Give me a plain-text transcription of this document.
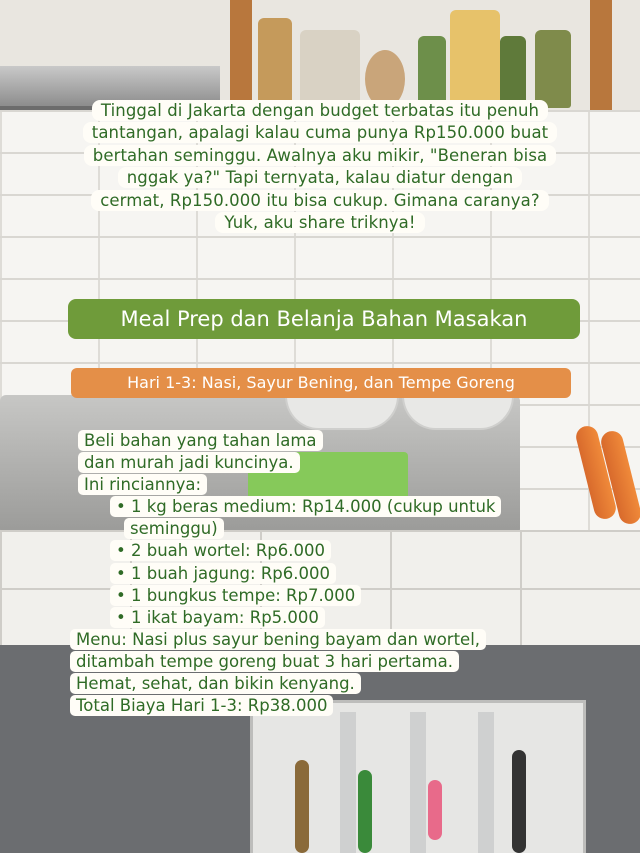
Tinggal di Jakarta dengan budget terbatas itu penuh
tantangan, apalagi kalau cuma punya Rp150.000 buat
bertahan seminggu. Awalnya aku mikir, "Beneran bisa
nggak ya?" Tapi ternyata, kalau diatur dengan
cermat, Rp150.000 itu bisa cukup. Gimana caranya?
Yuk, aku share triknya!
Meal Prep dan Belanja Bahan Masakan
Hari 1-3: Nasi, Sayur Bening, dan Tempe Goreng
Beli bahan yang tahan lama
dan murah jadi kuncinya.
Ini rinciannya:
• 1 kg beras medium: Rp14.000 (cukup untuk
seminggu)
• 2 buah wortel: Rp6.000
• 1 buah jagung: Rp6.000
• 1 bungkus tempe: Rp7.000
• 1 ikat bayam: Rp5.000
Menu: Nasi plus sayur bening bayam dan wortel,
ditambah tempe goreng buat 3 hari pertama.
Hemat, sehat, dan bikin kenyang.
Total Biaya Hari 1-3: Rp38.000
